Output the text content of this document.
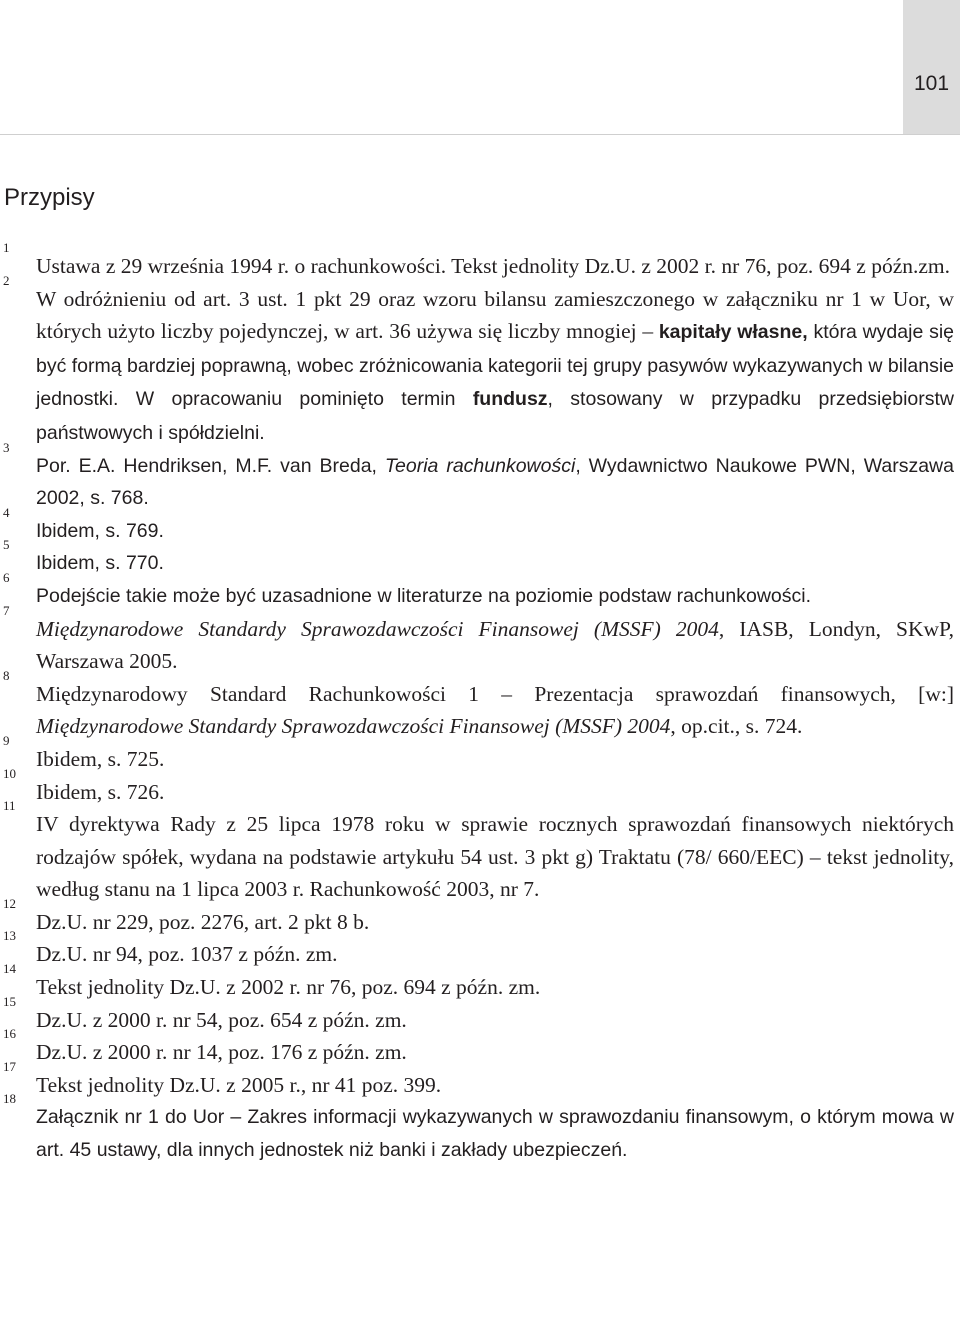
101
Przypisy
1
Ustawa z 29 września 1994 r. o rachunkowości. Tekst jednolity Dz.U. z 2002 r. nr 76, poz. 694 z późn.zm.
2
W odróżnieniu od art. 3 ust. 1 pkt 29 oraz wzoru bilansu zamieszczonego w załączniku nr 1 w Uor, w których użyto liczby pojedynczej, w art. 36 używa się liczby mnogiej – kapitały własne, która wydaje się być formą bardziej poprawną, wobec zróżnicowania kategorii tej grupy pasywów wykazywanych w bilansie jednostki. W opracowaniu pominięto termin fundusz, stosowany w przypadku przedsiębiorstw państwowych i spółdzielni.
3
Por. E.A. Hendriksen, M.F. van Breda, Teoria rachunkowości, Wydawnictwo Naukowe PWN, Warszawa 2002, s. 768.
4
Ibidem, s. 769.
5
Ibidem, s. 770.
6
Podejście takie może być uzasadnione w literaturze na poziomie podstaw rachunkowości.
7
Międzynarodowe Standardy Sprawozdawczości Finansowej (MSSF) 2004, IASB, Londyn, SKwP, Warszawa 2005.
8
Międzynarodowy Standard Rachunkowości 1 – Prezentacja sprawozdań finansowych, [w:] Międzynarodowe Standardy Sprawozdawczości Finansowej (MSSF) 2004, op.cit., s. 724.
9
Ibidem, s. 725.
10
Ibidem, s. 726.
11
IV dyrektywa Rady z 25 lipca 1978 roku w sprawie rocznych sprawozdań finansowych niektórych rodzajów spółek, wydana na podstawie artykułu 54 ust. 3 pkt g) Traktatu (78/ 660/EEC) – tekst jednolity, według stanu na 1 lipca 2003 r. Rachunkowość 2003, nr 7.
12
Dz.U. nr 229, poz. 2276, art. 2 pkt 8 b.
13
Dz.U. nr 94, poz. 1037 z późn. zm.
14
Tekst jednolity Dz.U. z 2002 r. nr 76, poz. 694 z późn. zm.
15
Dz.U. z 2000 r. nr 54, poz. 654 z późn. zm.
16
Dz.U. z 2000 r. nr 14, poz. 176 z późn. zm.
17
Tekst jednolity Dz.U. z 2005 r., nr 41 poz. 399.
18
Załącznik nr 1 do Uor – Zakres informacji wykazywanych w sprawozdaniu finansowym, o którym mowa w art. 45 ustawy, dla innych jednostek niż banki i zakłady ubezpieczeń.
